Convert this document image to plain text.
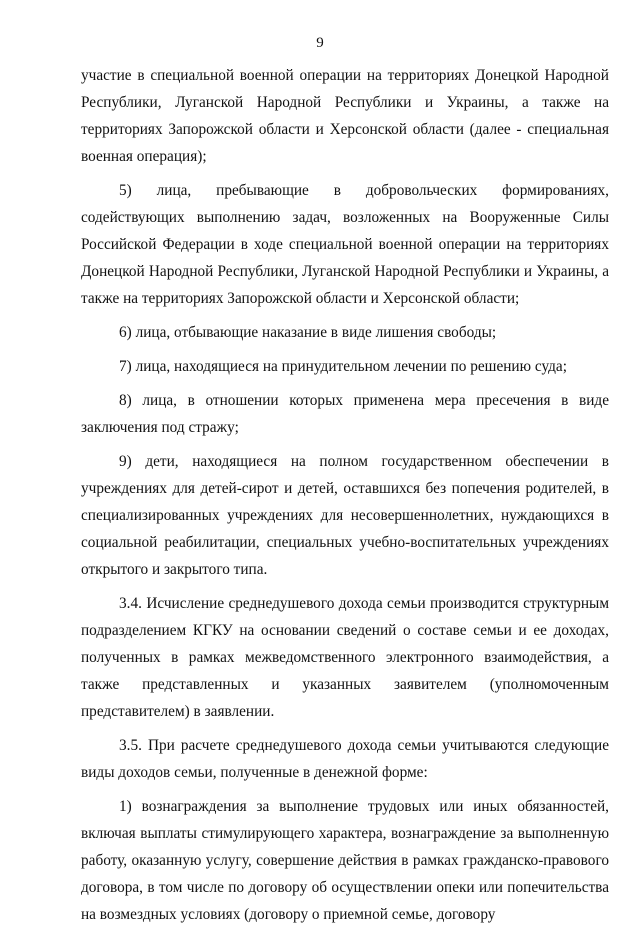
9

участие в специальной военной операции на территориях Донецкой Народной Республики, Луганской Народной Республики и Украины, а также на территориях Запорожской области и Херсонской области (далее - специальная военная операция);

5) лица, пребывающие в добровольческих формированиях, содействующих выполнению задач, возложенных на Вооруженные Силы Российской Федерации в ходе специальной военной операции на территориях Донецкой Народной Республики, Луганской Народной Республики и Украины, а также на территориях Запорожской области и Херсонской области;

6) лица, отбывающие наказание в виде лишения свободы;

7) лица, находящиеся на принудительном лечении по решению суда;

8) лица, в отношении которых применена мера пресечения в виде заключения под стражу;

9) дети, находящиеся на полном государственном обеспечении в учреждениях для детей-сирот и детей, оставшихся без попечения родителей, в специализированных учреждениях для несовершеннолетних, нуждающихся в социальной реабилитации, специальных учебно-воспитательных учреждениях открытого и закрытого типа.

3.4. Исчисление среднедушевого дохода семьи производится структурным подразделением КГКУ на основании сведений о составе семьи и ее доходах, полученных в рамках межведомственного электронного взаимодействия, а также представленных и указанных заявителем (уполномоченным представителем) в заявлении.

3.5. При расчете среднедушевого дохода семьи учитываются следующие виды доходов семьи, полученные в денежной форме:

1) вознаграждения за выполнение трудовых или иных обязанностей, включая выплаты стимулирующего характера, вознаграждение за выполненную работу, оказанную услугу, совершение действия в рамках гражданско-правового договора, в том числе по договору об осуществлении опеки или попечительства на возмездных условиях (договору о приемной семье, договору
